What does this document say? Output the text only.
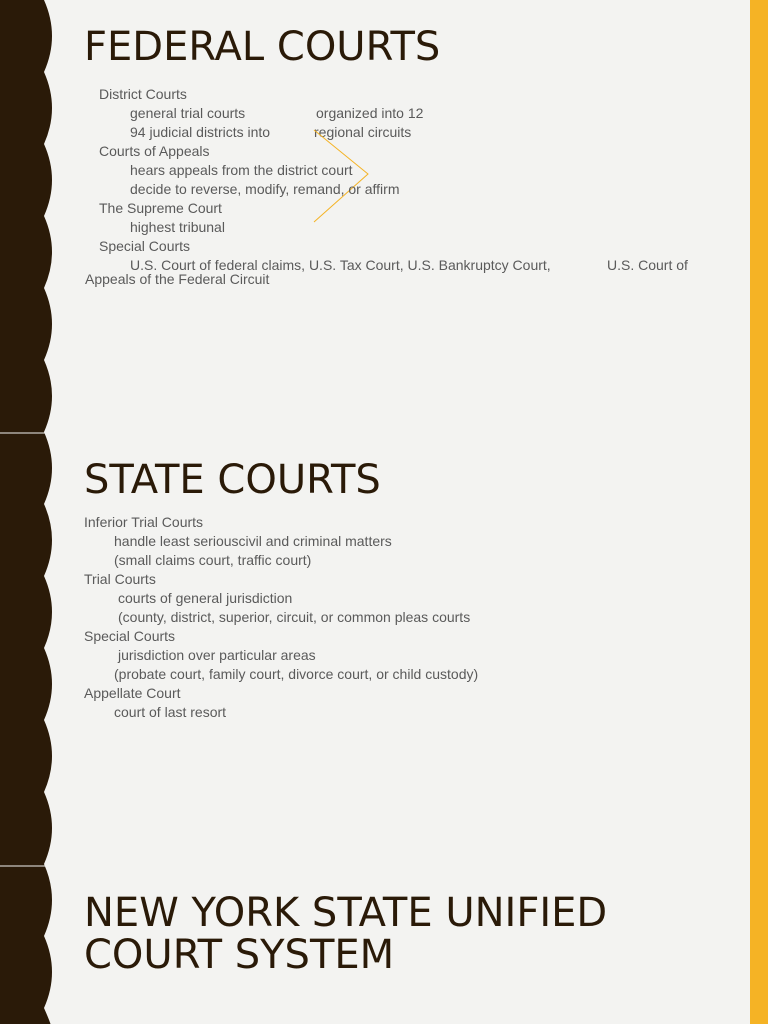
FEDERAL COURTS
District Courts
general trial courts	organized into 12
94 judicial districts into	regional circuits
Courts of Appeals
hears appeals from the district court
decide to reverse, modify, remand, or affirm
The Supreme Court
highest tribunal
Special Courts
U.S. Court of federal claims, U.S. Tax Court, U.S. Bankruptcy Court,	U.S. Court of
Appeals of the Federal Circuit
STATE COURTS
Inferior Trial Courts
handle least seriouscivil and criminal matters
(small claims court, traffic court)
Trial Courts
courts of general jurisdiction
(county, district, superior, circuit, or common pleas courts
Special Courts
jurisdiction over particular areas
(probate court, family court, divorce court, or child custody)
Appellate Court
court of last resort
NEW YORK STATE UNIFIED
COURT SYSTEM
